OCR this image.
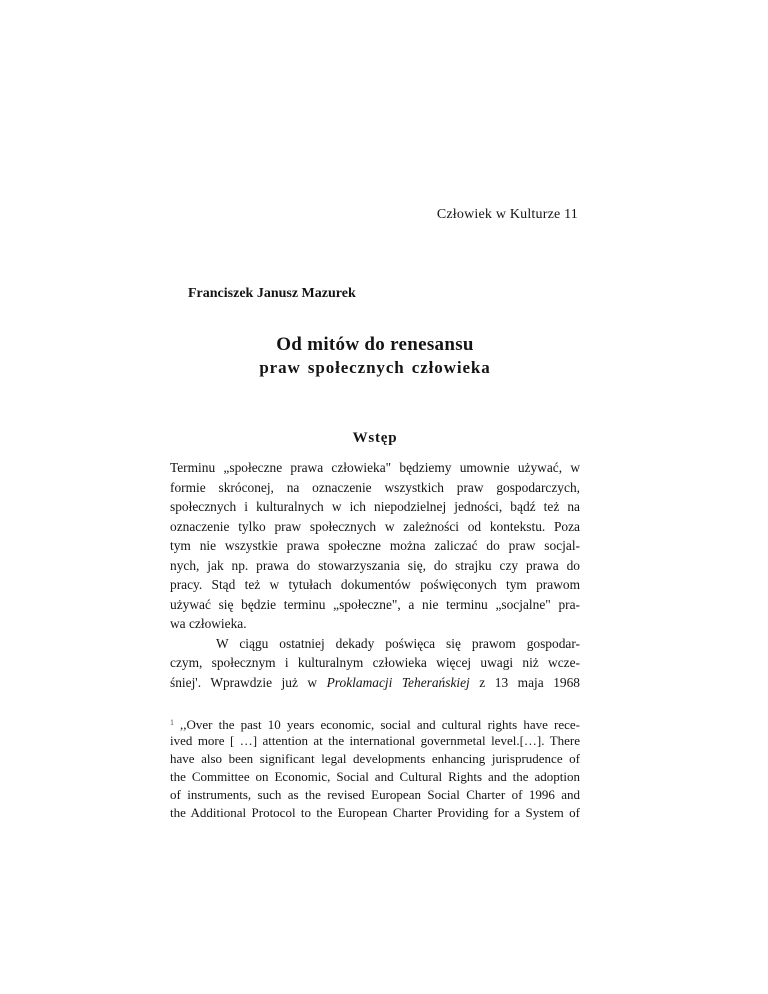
Człowiek w Kulturze 11
Franciszek Janusz Mazurek
Od mitów do renesansu
praw społecznych człowieka
Wstęp
Terminu „społeczne prawa człowieka" będziemy umownie używać, w
formie skróconej, na oznaczenie wszystkich praw gospodarczych,
społecznych i kulturalnych w ich niepodzielnej jedności, bądź też na
oznaczenie tylko praw społecznych w zależności od kontekstu. Poza
tym nie wszystkie prawa społeczne można zaliczać do praw socjal-
nych, jak np. prawa do stowarzyszania się, do strajku czy prawa do
pracy. Stąd też w tytułach dokumentów poświęconych tym prawom
używać się będzie terminu „społeczne", a nie terminu „socjalne" pra-
wa człowieka.
W ciągu ostatniej dekady poświęca się prawom gospodar-
czym, społecznym i kulturalnym człowieka więcej uwagi niż wcze-
śniej'. Wprawdzie już w Proklamacji Teherańskiej z 13 maja 1968
$^1$ ,,Over the past 10 years economic, social and cultural rights have rece-
ived more [ …] attention at the international governmetal level.[…]. There
have also been significant legal developments enhancing jurisprudence of
the Committee on Economic, Social and Cultural Rights and the adoption
of instruments, such as the revised European Social Charter of 1996 and
the Additional Protocol to the European Charter Providing for a System of
